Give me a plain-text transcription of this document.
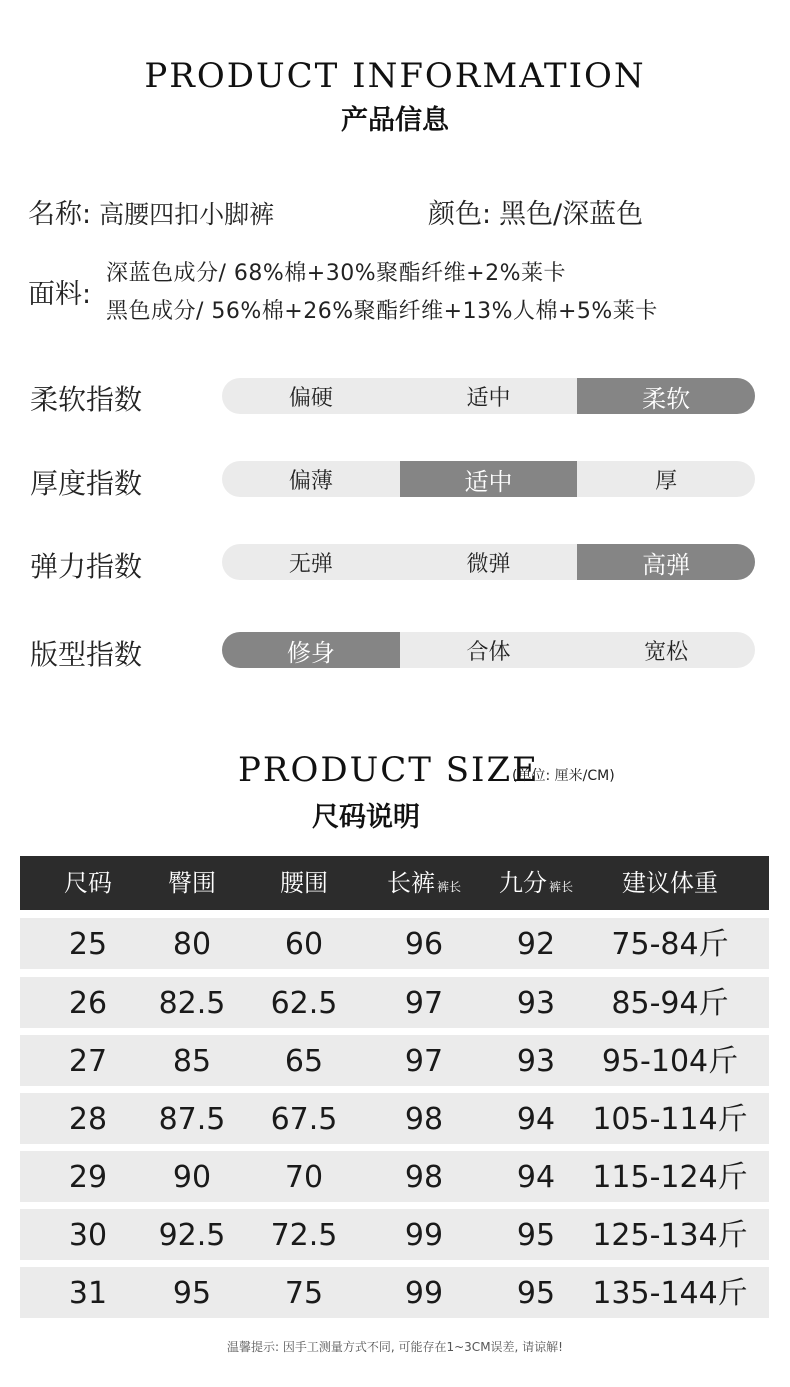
PRODUCT INFORMATION
产品信息
名称: 高腰四扣小脚裤	颜色: 黑色/深蓝色
面料:
深蓝色成分/ 68%棉+30%聚酯纤维+2%莱卡
黑色成分/ 56%棉+26%聚酯纤维+13%人棉+5%莱卡
柔软指数	偏硬	适中	柔软
厚度指数	偏薄	适中	厚
弹力指数	无弹	微弹	高弹
版型指数	修身	合体	宽松
PRODUCT SIZE
(单位: 厘米/CM)
尺码说明
尺码	臀围	腰围	长裤 裤长	九分 裤长	建议体重
25	80	60	96	92	75-84斤
26	82.5	62.5	97	93	85-94斤
27	85	65	97	93	95-104斤
28	87.5	67.5	98	94	105-114斤
29	90	70	98	94	115-124斤
30	92.5	72.5	99	95	125-134斤
31	95	75	99	95	135-144斤
温馨提示: 因手工测量方式不同, 可能存在1~3CM误差, 请谅解!
